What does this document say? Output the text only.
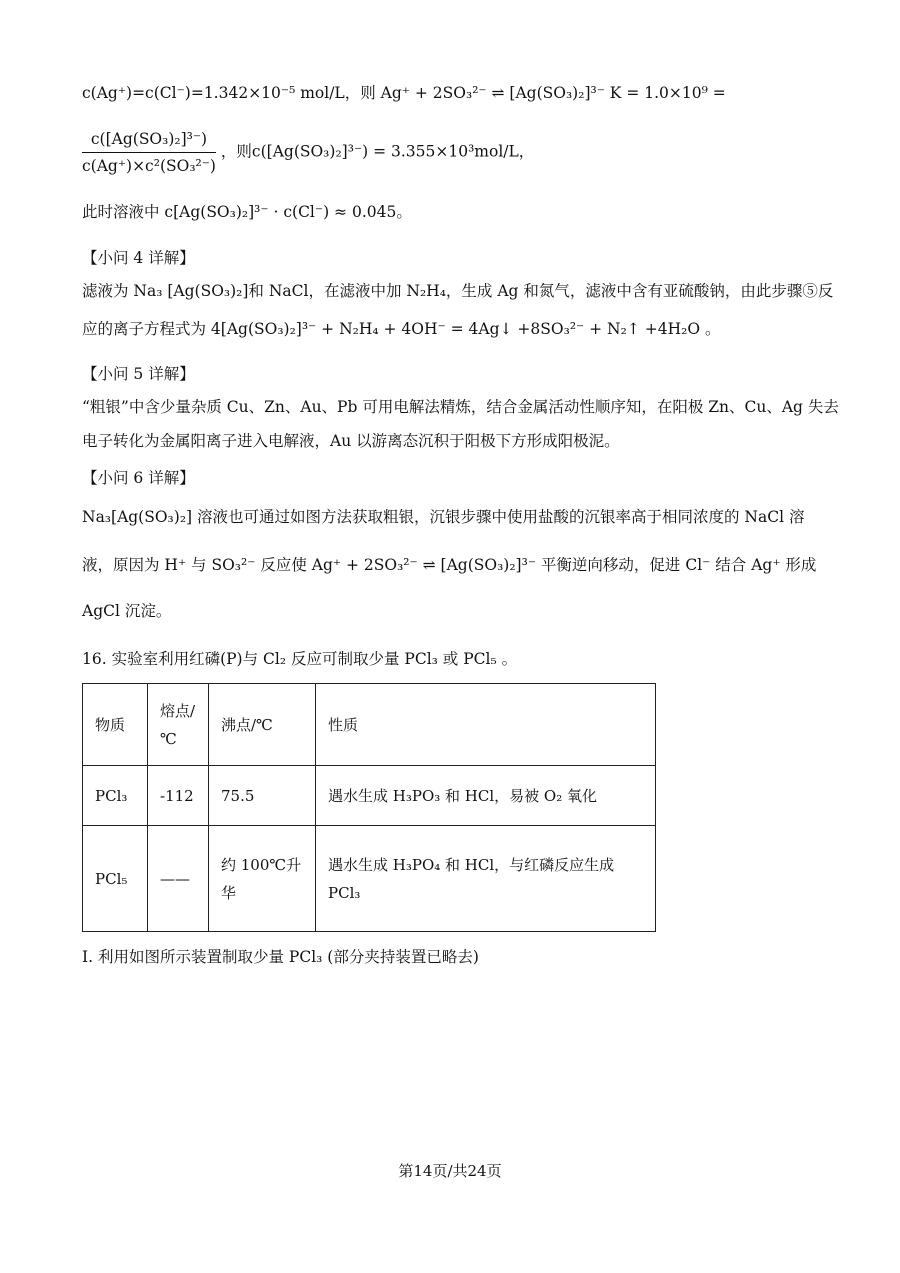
c(Ag⁺)=c(Cl⁻)=1.342×10⁻⁵ mol/L，则 Ag⁺ + 2SO₃²⁻ ⇌ [Ag(SO₃)₂]³⁻ K = 1.0×10⁹ =
$\frac{\text{c([Ag(SO₃)₂]³⁻)}}{\text{c(Ag⁺)×c²(SO₃²⁻)}}$ ，则c([Ag(SO₃)₂]³⁻) = 3.355×10³mol/L，
此时溶液中 c[Ag(SO₃)₂]³⁻ · c(Cl⁻) ≈ 0.045。
【小问 4 详解】
滤液为 Na₃ [Ag(SO₃)₂]和 NaCl，在滤液中加 N₂H₄，生成 Ag 和氮气，滤液中含有亚硫酸钠，由此步骤⑤反
应的离子方程式为 4[Ag(SO₃)₂]³⁻ + N₂H₄ + 4OH⁻ = 4Ag↓ +8SO₃²⁻ + N₂↑ +4H₂O 。
【小问 5 详解】
“粗银”中含少量杂质 Cu、Zn、Au、Pb 可用电解法精炼，结合金属活动性顺序知，在阳极 Zn、Cu、Ag 失去
电子转化为金属阳离子进入电解液，Au 以游离态沉积于阳极下方形成阳极泥。
【小问 6 详解】
Na₃[Ag(SO₃)₂] 溶液也可通过如图方法获取粗银，沉银步骤中使用盐酸的沉银率高于相同浓度的 NaCl 溶
液，原因为 H⁺ 与 SO₃²⁻ 反应使 Ag⁺ + 2SO₃²⁻ ⇌ [Ag(SO₃)₂]³⁻ 平衡逆向移动，促进 Cl⁻ 结合 Ag⁺ 形成
AgCl 沉淀。
16. 实验室利用红磷(P)与 Cl₂ 反应可制取少量 PCl₃ 或 PCl₅ 。
物质	熔点/℃	沸点/℃	性质
PCl₃	-112	75.5	遇水生成 H₃PO₃ 和 HCl，易被 O₂ 氧化
PCl₅	——	约 100℃升华	遇水生成 H₃PO₄ 和 HCl，与红磷反应生成 PCl₃
I. 利用如图所示装置制取少量 PCl₃ (部分夹持装置已略去)
第14页/共24页
